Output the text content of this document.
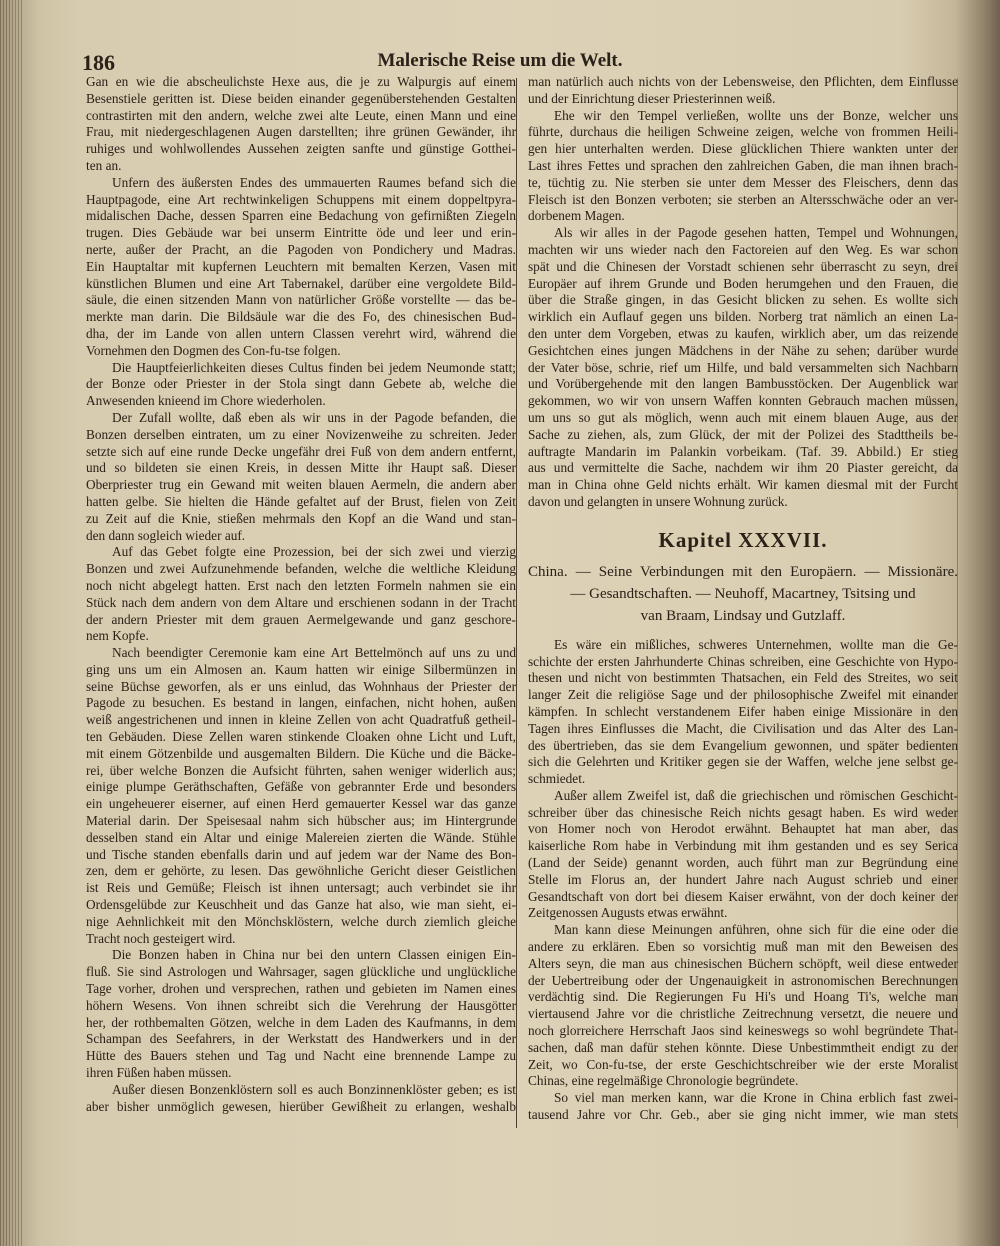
186	Malerische Reise um die Welt.
Gan en wie die abscheulichste Hexe aus, die je zu Walpurgis auf einem
Besenstiele geritten ist. Diese beiden einander gegenüberstehenden Gestalten
contrastirten mit den andern, welche zwei alte Leute, einen Mann und eine
Frau, mit niedergeschlagenen Augen darstellten; ihre grünen Gewänder, ihr
ruhiges und wohlwollendes Aussehen zeigten sanfte und günstige Gotthei-
ten an.
Unfern des äußersten Endes des ummauerten Raumes befand sich die
Hauptpagode, eine Art rechtwinkeligen Schuppens mit einem doppeltpyra-
midalischen Dache, dessen Sparren eine Bedachung von gefirnißten Ziegeln
trugen. Dies Gebäude war bei unserm Eintritte öde und leer und erin-
nerte, außer der Pracht, an die Pagoden von Pondichery und Madras.
Ein Hauptaltar mit kupfernen Leuchtern mit bemalten Kerzen, Vasen mit
künstlichen Blumen und eine Art Tabernakel, darüber eine vergoldete Bild-
säule, die einen sitzenden Mann von natürlicher Größe vorstellte — das be-
merkte man darin. Die Bildsäule war die des Fo, des chinesischen Bud-
dha, der im Lande von allen untern Classen verehrt wird, während die
Vornehmen den Dogmen des Con-fu-tse folgen.
Die Hauptfeierlichkeiten dieses Cultus finden bei jedem Neumonde statt;
der Bonze oder Priester in der Stola singt dann Gebete ab, welche die
Anwesenden knieend im Chore wiederholen.
Der Zufall wollte, daß eben als wir uns in der Pagode befanden, die
Bonzen derselben eintraten, um zu einer Novizenweihe zu schreiten. Jeder
setzte sich auf eine runde Decke ungefähr drei Fuß von dem andern entfernt,
und so bildeten sie einen Kreis, in dessen Mitte ihr Haupt saß. Dieser
Oberpriester trug ein Gewand mit weiten blauen Aermeln, die andern aber
hatten gelbe. Sie hielten die Hände gefaltet auf der Brust, fielen von Zeit
zu Zeit auf die Knie, stießen mehrmals den Kopf an die Wand und stan-
den dann sogleich wieder auf.
Auf das Gebet folgte eine Prozession, bei der sich zwei und vierzig
Bonzen und zwei Aufzunehmende befanden, welche die weltliche Kleidung
noch nicht abgelegt hatten. Erst nach den letzten Formeln nahmen sie ein
Stück nach dem andern von dem Altare und erschienen sodann in der Tracht
der andern Priester mit dem grauen Aermelgewande und ganz geschore-
nem Kopfe.
Nach beendigter Ceremonie kam eine Art Bettelmönch auf uns zu und
ging uns um ein Almosen an. Kaum hatten wir einige Silbermünzen in
seine Büchse geworfen, als er uns einlud, das Wohnhaus der Priester der
Pagode zu besuchen. Es bestand in langen, einfachen, nicht hohen, außen
weiß angestrichenen und innen in kleine Zellen von acht Quadratfuß getheil-
ten Gebäuden. Diese Zellen waren stinkende Cloaken ohne Licht und Luft,
mit einem Götzenbilde und ausgemalten Bildern. Die Küche und die Bäcke-
rei, über welche Bonzen die Aufsicht führten, sahen weniger widerlich aus;
einige plumpe Geräthschaften, Gefäße von gebrannter Erde und besonders
ein ungeheuerer eiserner, auf einen Herd gemauerter Kessel war das ganze
Material darin. Der Speisesaal nahm sich hübscher aus; im Hintergrunde
desselben stand ein Altar und einige Malereien zierten die Wände. Stühle
und Tische standen ebenfalls darin und auf jedem war der Name des Bon-
zen, dem er gehörte, zu lesen. Das gewöhnliche Gericht dieser Geistlichen
ist Reis und Gemüße; Fleisch ist ihnen untersagt; auch verbindet sie ihr
Ordensgelübde zur Keuschheit und das Ganze hat also, wie man sieht, ei-
nige Aehnlichkeit mit den Mönchsklöstern, welche durch ziemlich gleiche
Tracht noch gesteigert wird.
Die Bonzen haben in China nur bei den untern Classen einigen Ein-
fluß. Sie sind Astrologen und Wahrsager, sagen glückliche und unglückliche
Tage vorher, drohen und versprechen, rathen und gebieten im Namen eines
höhern Wesens. Von ihnen schreibt sich die Verehrung der Hausgötter
her, der rothbemalten Götzen, welche in dem Laden des Kaufmanns, in dem
Schampan des Seefahrers, in der Werkstatt des Handwerkers und in der
Hütte des Bauers stehen und Tag und Nacht eine brennende Lampe zu
ihren Füßen haben müssen.
Außer diesen Bonzenklöstern soll es auch Bonzinnenklöster geben; es ist
aber bisher unmöglich gewesen, hierüber Gewißheit zu erlangen, weshalb
man natürlich auch nichts von der Lebensweise, den Pflichten, dem Einflusse
und der Einrichtung dieser Priesterinnen weiß.
Ehe wir den Tempel verließen, wollte uns der Bonze, welcher uns
führte, durchaus die heiligen Schweine zeigen, welche von frommen Heili-
gen hier unterhalten werden. Diese glücklichen Thiere wankten unter der
Last ihres Fettes und sprachen den zahlreichen Gaben, die man ihnen brach-
te, tüchtig zu. Nie sterben sie unter dem Messer des Fleischers, denn das
Fleisch ist den Bonzen verboten; sie sterben an Altersschwäche oder an ver-
dorbenem Magen.
Als wir alles in der Pagode gesehen hatten, Tempel und Wohnungen,
machten wir uns wieder nach den Factoreien auf den Weg. Es war schon
spät und die Chinesen der Vorstadt schienen sehr überrascht zu seyn, drei
Europäer auf ihrem Grunde und Boden herumgehen und den Frauen, die
über die Straße gingen, in das Gesicht blicken zu sehen. Es wollte sich
wirklich ein Auflauf gegen uns bilden. Norberg trat nämlich an einen La-
den unter dem Vorgeben, etwas zu kaufen, wirklich aber, um das reizende
Gesichtchen eines jungen Mädchens in der Nähe zu sehen; darüber wurde
der Vater böse, schrie, rief um Hilfe, und bald versammelten sich Nachbarn
und Vorübergehende mit den langen Bambusstöcken. Der Augenblick war
gekommen, wo wir von unsern Waffen konnten Gebrauch machen müssen,
um uns so gut als möglich, wenn auch mit einem blauen Auge, aus der
Sache zu ziehen, als, zum Glück, der mit der Polizei des Stadttheils be-
auftragte Mandarin im Palankin vorbeikam. (Taf. 39. Abbild.) Er stieg
aus und vermittelte die Sache, nachdem wir ihm 20 Piaster gereicht, da
man in China ohne Geld nichts erhält. Wir kamen diesmal mit der Furcht
davon und gelangten in unsere Wohnung zurück.
Kapitel XXXVII.
China. — Seine Verbindungen mit den Europäern. — Missionäre.
— Gesandtschaften. — Neuhoff, Macartney, Tsitsing und
van Braam, Lindsay und Gutzlaff.
Es wäre ein mißliches, schweres Unternehmen, wollte man die Ge-
schichte der ersten Jahrhunderte Chinas schreiben, eine Geschichte von Hypo-
thesen und nicht von bestimmten Thatsachen, ein Feld des Streites, wo seit
langer Zeit die religiöse Sage und der philosophische Zweifel mit einander
kämpfen. In schlecht verstandenem Eifer haben einige Missionäre in den
Tagen ihres Einflusses die Macht, die Civilisation und das Alter des Lan-
des übertrieben, das sie dem Evangelium gewonnen, und später bedienten
sich die Gelehrten und Kritiker gegen sie der Waffen, welche jene selbst ge-
schmiedet.
Außer allem Zweifel ist, daß die griechischen und römischen Geschicht-
schreiber über das chinesische Reich nichts gesagt haben. Es wird weder
von Homer noch von Herodot erwähnt. Behauptet hat man aber, das
kaiserliche Rom habe in Verbindung mit ihm gestanden und es sey Serica
(Land der Seide) genannt worden, auch führt man zur Begründung eine
Stelle im Florus an, der hundert Jahre nach August schrieb und einer
Gesandtschaft von dort bei diesem Kaiser erwähnt, von der doch keiner der
Zeitgenossen Augusts etwas erwähnt.
Man kann diese Meinungen anführen, ohne sich für die eine oder die
andere zu erklären. Eben so vorsichtig muß man mit den Beweisen des
Alters seyn, die man aus chinesischen Büchern schöpft, weil diese entweder
der Uebertreibung oder der Ungenauigkeit in astronomischen Berechnungen
verdächtig sind. Die Regierungen Fu Hi's und Hoang Ti's, welche man
viertausend Jahre vor die christliche Zeitrechnung versetzt, die neuere und
noch glorreichere Herrschaft Jaos sind keineswegs so wohl begründete That-
sachen, daß man dafür stehen könnte. Diese Unbestimmtheit endigt zu der
Zeit, wo Con-fu-tse, der erste Geschichtschreiber wie der erste Moralist
Chinas, eine regelmäßige Chronologie begründete.
So viel man merken kann, war die Krone in China erblich fast zwei-
tausend Jahre vor Chr. Geb., aber sie ging nicht immer, wie man stets
